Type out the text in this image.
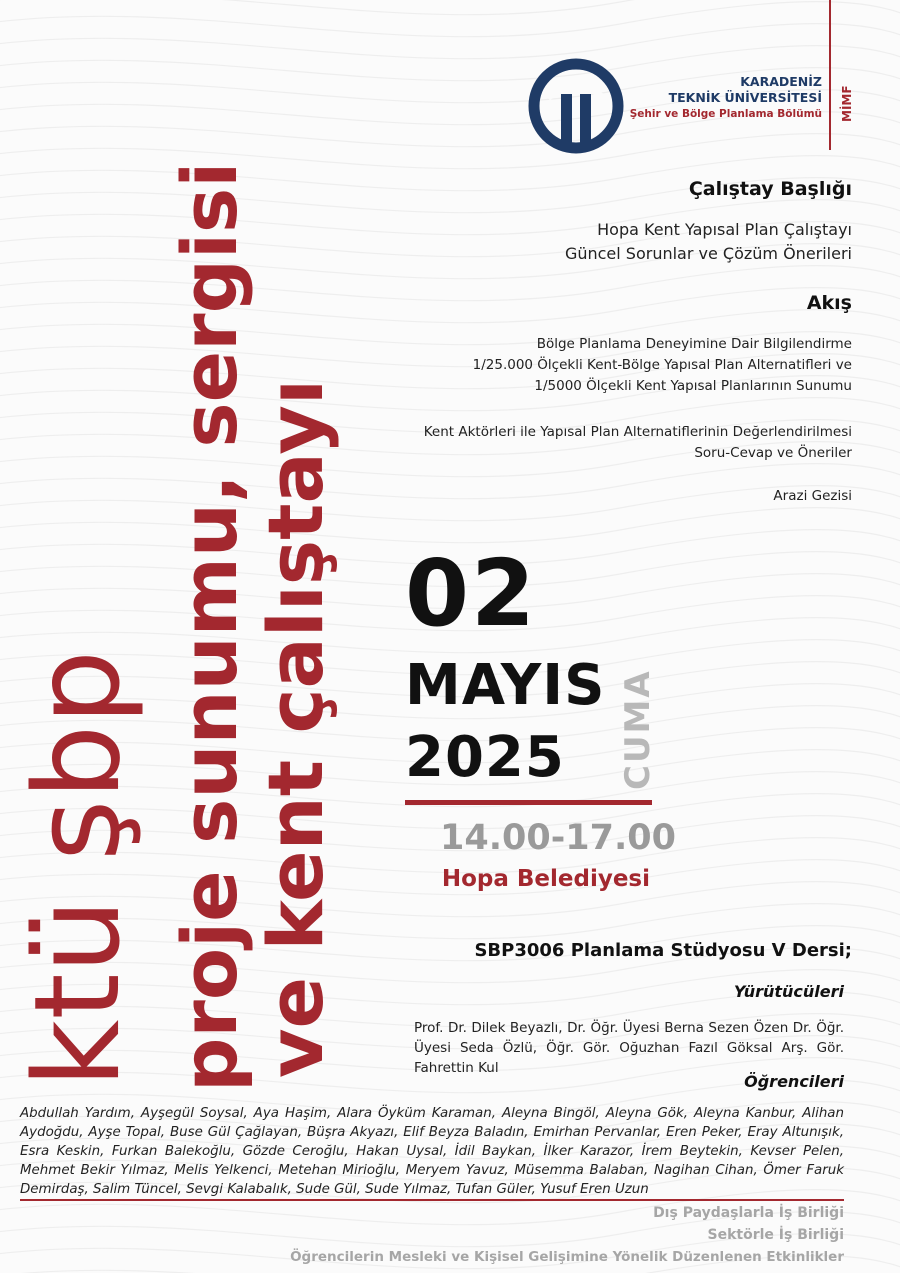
KARADENİZ
TEKNİK ÜNİVERSİTESİ
Şehir ve Bölge Planlama Bölümü MİMF
ktü şbp proje sunumu, sergisi
ve kent çalıştayı
Çalıştay Başlığı
Hopa Kent Yapısal Plan Çalıştayı
Güncel Sorunlar ve Çözüm Önerileri
Akış
Bölge Planlama Deneyimine Dair Bilgilendirme
1/25.000 Ölçekli Kent-Bölge Yapısal Plan Alternatifleri ve
1/5000 Ölçekli Kent Yapısal Planlarının Sunumu
Kent Aktörleri ile Yapısal Plan Alternatiflerinin Değerlendirilmesi
Soru-Cevap ve Öneriler
Arazi Gezisi
02
MAYIS
2025 CUMA
14.00-17.00
Hopa Belediyesi
SBP3006 Planlama Stüdyosu V Dersi;
Yürütücüleri
Prof. Dr. Dilek Beyazlı, Dr. Öğr. Üyesi Berna Sezen Özen Dr. Öğr. Üyesi Seda Özlü, Öğr. Gör. Oğuzhan Fazıl Göksal Arş. Gör. Fahrettin Kul
Öğrencileri
Abdullah Yardım, Ayşegül Soysal, Aya Haşim, Alara Öyküm Karaman, Aleyna Bingöl, Aleyna Gök, Aleyna Kanbur, Alihan Aydoğdu, Ayşe Topal, Buse Gül Çağlayan, Büşra Akyazı, Elif Beyza Baladın, Emirhan Pervanlar, Eren Peker, Eray Altunışık, Esra Keskin, Furkan Balekoğlu, Gözde Ceroğlu, Hakan Uysal, İdil Baykan, İlker Karazor, İrem Beytekin, Kevser Pelen, Mehmet Bekir Yılmaz, Melis Yelkenci, Metehan Mirioğlu, Meryem Yavuz, Müsemma Balaban, Nagihan Cihan, Ömer Faruk Demirdaş, Salim Tüncel, Sevgi Kalabalık, Sude Gül, Sude Yılmaz, Tufan Güler, Yusuf Eren Uzun
Dış Paydaşlarla İş Birliği
Sektörle İş Birliği
Öğrencilerin Mesleki ve Kişisel Gelişimine Yönelik Düzenlenen Etkinlikler
